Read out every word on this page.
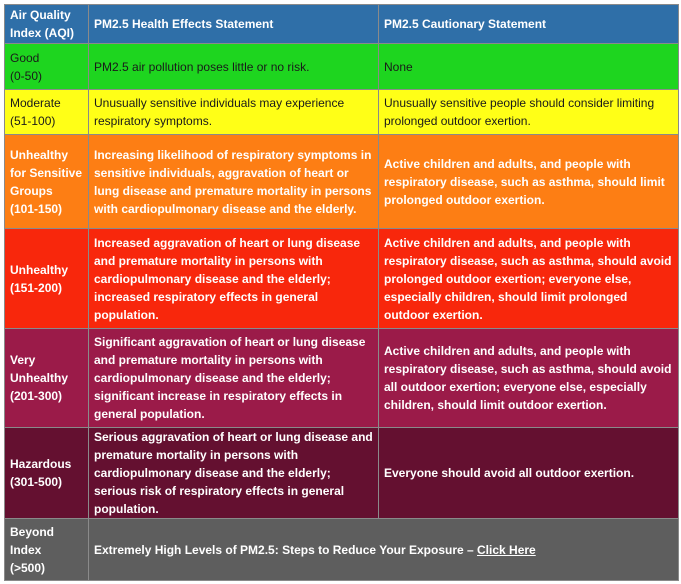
Air Quality Index (AQI)	PM2.5 Health Effects Statement	PM2.5 Cautionary Statement

Good
(0-50)	PM2.5 air pollution poses little or no risk.	None

Moderate
(51-100)	Unusually sensitive individuals may experience respiratory symptoms.	Unusually sensitive people should consider limiting prolonged outdoor exertion.

Unhealthy for Sensitive Groups
(101-150)	Increasing likelihood of respiratory symptoms in sensitive individuals, aggravation of heart or lung disease and premature mortality in persons with cardiopulmonary disease and the elderly.	Active children and adults, and people with respiratory disease, such as asthma, should limit prolonged outdoor exertion.

Unhealthy
(151-200)	Increased aggravation of heart or lung disease and premature mortality in persons with cardiopulmonary disease and the elderly; increased respiratory effects in general population.	Active children and adults, and people with respiratory disease, such as asthma, should avoid prolonged outdoor exertion; everyone else, especially children, should limit prolonged outdoor exertion.

Very Unhealthy
(201-300)	Significant aggravation of heart or lung disease and premature mortality in persons with cardiopulmonary disease and the elderly; significant increase in respiratory effects in general population.	Active children and adults, and people with respiratory disease, such as asthma, should avoid all outdoor exertion; everyone else, especially children, should limit outdoor exertion.

Hazardous
(301-500)	Serious aggravation of heart or lung disease and premature mortality in persons with cardiopulmonary disease and the elderly; serious risk of respiratory effects in general population.	Everyone should avoid all outdoor exertion.

Beyond Index
(>500)	Extremely High Levels of PM2.5: Steps to Reduce Your Exposure – Click Here	
